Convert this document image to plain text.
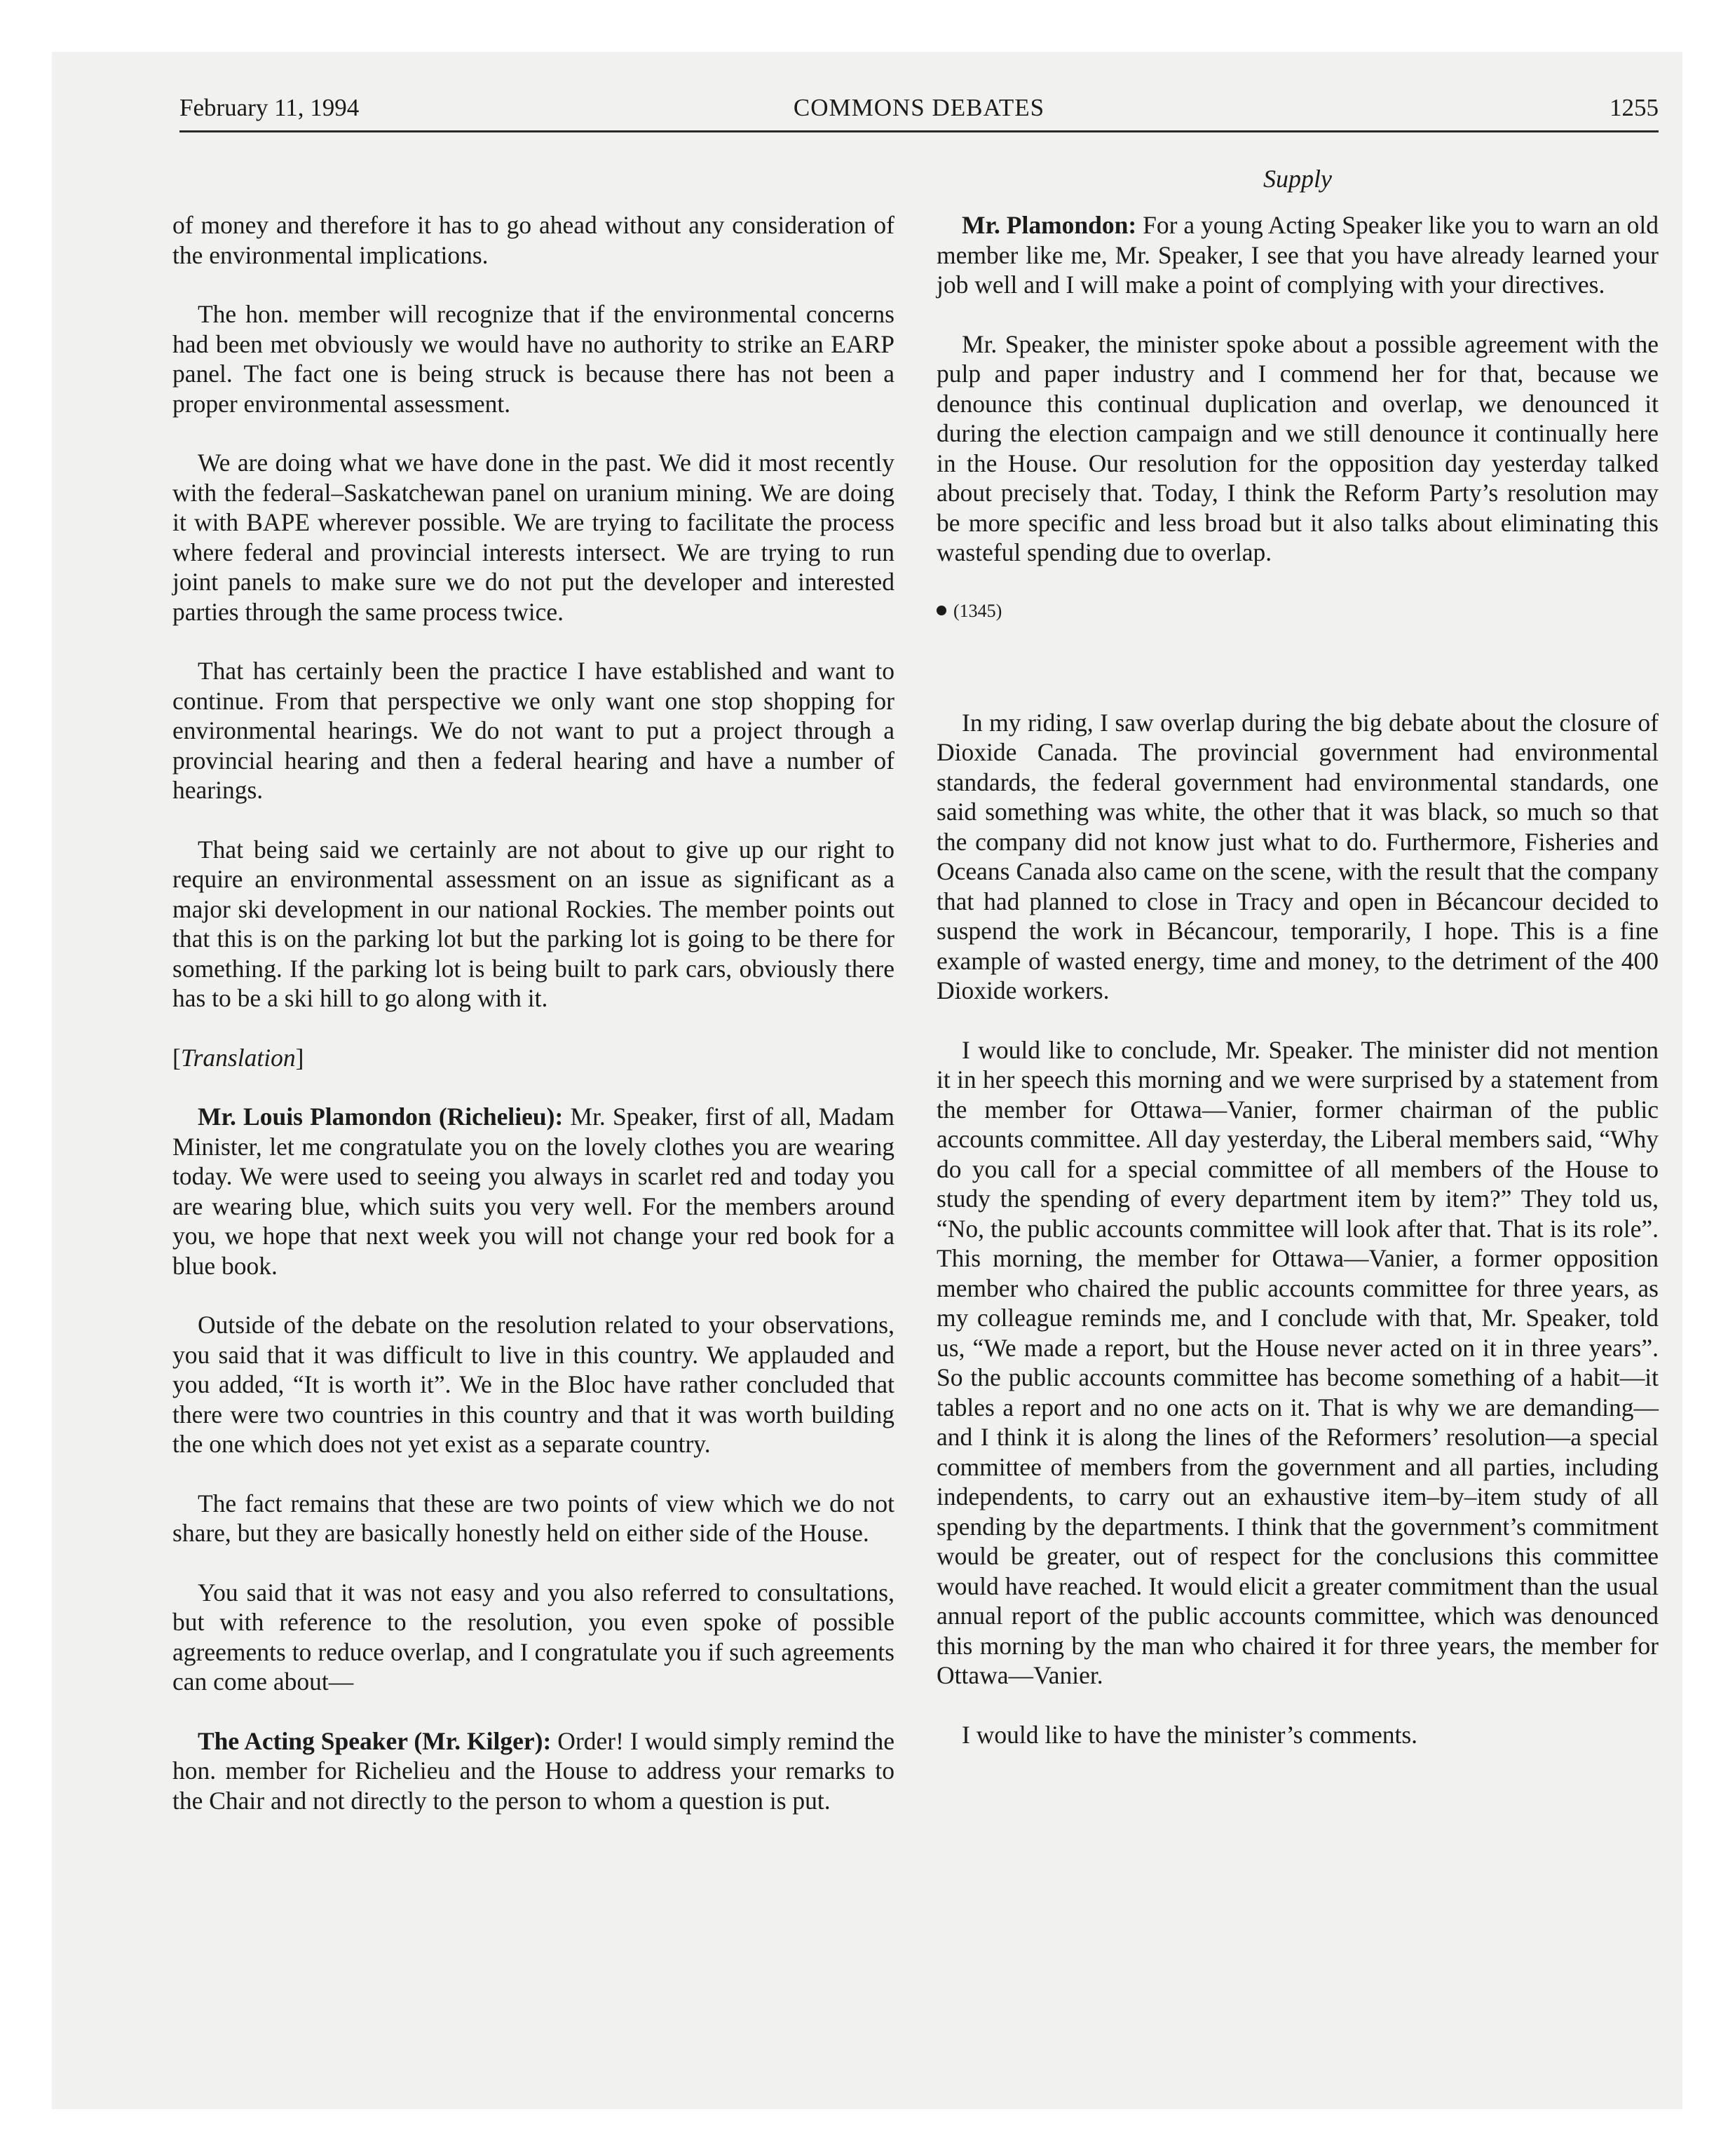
February 11, 1994	COMMONS DEBATES	1255
Supply

of money and therefore it has to go ahead without any consideration of the environmental implications.

The hon. member will recognize that if the environmental concerns had been met obviously we would have no authority to strike an EARP panel. The fact one is being struck is because there has not been a proper environmental assessment.

We are doing what we have done in the past. We did it most recently with the federal–Saskatchewan panel on uranium mining. We are doing it with BAPE wherever possible. We are trying to facilitate the process where federal and provincial interests intersect. We are trying to run joint panels to make sure we do not put the developer and interested parties through the same process twice.

That has certainly been the practice I have established and want to continue. From that perspective we only want one stop shopping for environmental hearings. We do not want to put a project through a provincial hearing and then a federal hearing and have a number of hearings.

That being said we certainly are not about to give up our right to require an environmental assessment on an issue as significant as a major ski development in our national Rockies. The member points out that this is on the parking lot but the parking lot is going to be there for something. If the parking lot is being built to park cars, obviously there has to be a ski hill to go along with it.

[Translation]

Mr. Louis Plamondon (Richelieu): Mr. Speaker, first of all, Madam Minister, let me congratulate you on the lovely clothes you are wearing today. We were used to seeing you always in scarlet red and today you are wearing blue, which suits you very well. For the members around you, we hope that next week you will not change your red book for a blue book.

Outside of the debate on the resolution related to your observations, you said that it was difficult to live in this country. We applauded and you added, “It is worth it”. We in the Bloc have rather concluded that there were two countries in this country and that it was worth building the one which does not yet exist as a separate country.

The fact remains that these are two points of view which we do not share, but they are basically honestly held on either side of the House.

You said that it was not easy and you also referred to consultations, but with reference to the resolution, you even spoke of possible agreements to reduce overlap, and I congratulate you if such agreements can come about—

The Acting Speaker (Mr. Kilger): Order! I would simply remind the hon. member for Richelieu and the House to address your remarks to the Chair and not directly to the person to whom a question is put.

Mr. Plamondon: For a young Acting Speaker like you to warn an old member like me, Mr. Speaker, I see that you have already learned your job well and I will make a point of complying with your directives.

Mr. Speaker, the minister spoke about a possible agreement with the pulp and paper industry and I commend her for that, because we denounce this continual duplication and overlap, we denounced it during the election campaign and we still denounce it continually here in the House. Our resolution for the opposition day yesterday talked about precisely that. Today, I think the Reform Party’s resolution may be more specific and less broad but it also talks about eliminating this wasteful spending due to overlap.

(1345)

In my riding, I saw overlap during the big debate about the closure of Dioxide Canada. The provincial government had environmental standards, the federal government had environmental standards, one said something was white, the other that it was black, so much so that the company did not know just what to do. Furthermore, Fisheries and Oceans Canada also came on the scene, with the result that the company that had planned to close in Tracy and open in Bécancour decided to suspend the work in Bécancour, temporarily, I hope. This is a fine example of wasted energy, time and money, to the detriment of the 400 Dioxide workers.

I would like to conclude, Mr. Speaker. The minister did not mention it in her speech this morning and we were surprised by a statement from the member for Ottawa—Vanier, former chairman of the public accounts committee. All day yesterday, the Liberal members said, “Why do you call for a special committee of all members of the House to study the spending of every department item by item?” They told us, “No, the public accounts committee will look after that. That is its role”. This morning, the member for Ottawa—Vanier, a former opposition member who chaired the public accounts committee for three years, as my colleague reminds me, and I conclude with that, Mr. Speaker, told us, “We made a report, but the House never acted on it in three years”. So the public accounts committee has become something of a habit—it tables a report and no one acts on it. That is why we are demanding—and I think it is along the lines of the Reformers’ resolution—a special committee of members from the government and all parties, including independents, to carry out an exhaustive item–by–item study of all spending by the departments. I think that the government’s commitment would be greater, out of respect for the conclusions this committee would have reached. It would elicit a greater commitment than the usual annual report of the public accounts committee, which was denounced this morning by the man who chaired it for three years, the member for Ottawa—Vanier.

I would like to have the minister’s comments.
